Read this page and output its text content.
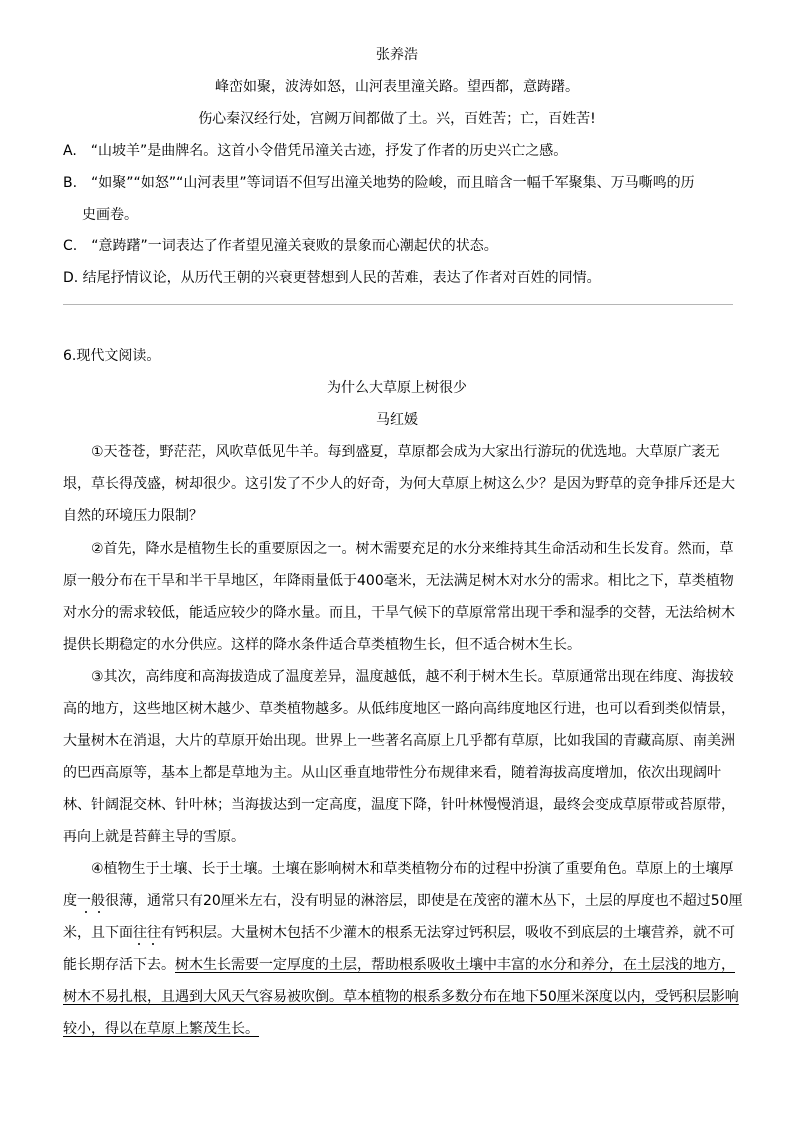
张养浩
峰峦如聚，波涛如怒，山河表里潼关路。望西都，意踌躇。
伤心秦汉经行处，宫阙万间都做了土。兴，百姓苦；亡，百姓苦!
A.　“山坡羊”是曲牌名。这首小令借凭吊潼关古迹，抒发了作者的历史兴亡之感。
B.　“如聚”“如怒”“山河表里”等词语不但写出潼关地势的险峻，而且暗含一幅千军聚集、万马嘶鸣的历
史画卷。
C.　“意踌躇”一词表达了作者望见潼关衰败的景象而心潮起伏的状态。
D. 结尾抒情议论，从历代王朝的兴衰更替想到人民的苦难，表达了作者对百姓的同情。
6.现代文阅读。
为什么大草原上树很少
马红媛
①天苍苍，野茫茫，风吹草低见牛羊。每到盛夏，草原都会成为大家出行游玩的优选地。大草原广袤无
垠，草长得茂盛，树却很少。这引发了不少人的好奇，为何大草原上树这么少？是因为野草的竞争排斥还是大
自然的环境压力限制？
②首先，降水是植物生长的重要原因之一。树木需要充足的水分来维持其生命活动和生长发育。然而，草
原一般分布在干旱和半干旱地区，年降雨量低于400毫米，无法满足树木对水分的需求。相比之下，草类植物
对水分的需求较低，能适应较少的降水量。而且，干旱气候下的草原常常出现干季和湿季的交替，无法给树木
提供长期稳定的水分供应。这样的降水条件适合草类植物生长，但不适合树木生长。
③其次，高纬度和高海拔造成了温度差异，温度越低，越不利于树木生长。草原通常出现在纬度、海拔较
高的地方，这些地区树木越少、草类植物越多。从低纬度地区一路向高纬度地区行进，也可以看到类似情景，
大量树木在消退，大片的草原开始出现。世界上一些著名高原上几乎都有草原，比如我国的青藏高原、南美洲
的巴西高原等，基本上都是草地为主。从山区垂直地带性分布规律来看，随着海拔高度增加，依次出现阔叶
林、针阔混交林、针叶林；当海拔达到一定高度，温度下降，针叶林慢慢消退，最终会变成草原带或苔原带，
再向上就是苔藓主导的雪原。
④植物生于土壤、长于土壤。土壤在影响树木和草类植物分布的过程中扮演了重要角色。草原上的土壤厚
度一般很薄，通常只有20厘米左右，没有明显的淋溶层，即使是在茂密的灌木丛下，土层的厚度也不超过50厘
米，且下面往往有钙积层。大量树木包括不少灌木的根系无法穿过钙积层，吸收不到底层的土壤营养，就不可
能长期存活下去。树木生长需要一定厚度的土层，帮助根系吸收土壤中丰富的水分和养分，在土层浅的地方，
树木不易扎根，且遇到大风天气容易被吹倒。草本植物的根系多数分布在地下50厘米深度以内，受钙积层影响
较小，得以在草原上繁茂生长。
